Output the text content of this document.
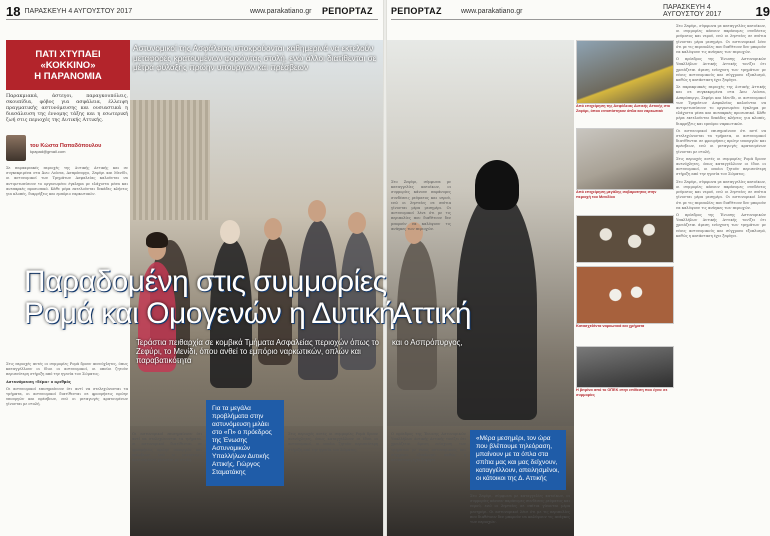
18 ΠΑΡΑΣΚΕΥΗ 4 ΑΥΓΟΥΣΤΟΥ 2017	www.parakatiano.gr ΡΕΠΟΡΤΑΖ
ΠΑΤΙ ΧΤΥΠΑΕΙ
«ΚΟΚΚΙΝΟ»
Η ΠΑΡΑΝΟΜΙΑ
Αστυνομικοί της Ασφάλειας υποκρούονται καθημερινά να εκτελούν μεταφορές κρατουμένων φορώντας στολή, ενώ άλλοι διατίθενται σε μέτρα φύλαξης πρώην υπουργών και πρέσβεων
Παρακμιακά, άστεγοι, παραγκουπόλεις, σκουπίδια, φόβος για ασφάλεια, έλλειψη πραγματικής αστυνόμευσης και ουσιαστικά η διασάλευση της έννομης τάξης και η εσωτερική ζωή στις περιοχές της Δυτικής Αττικής.
του Κώστα Παπαδόπουλου
kpapad@gmail.com

Σε παρακμιακές περιοχές της Δυτικής Αττικής και σε συγκεκριμένα στα Άνω Λιόσια, Ασπρόπυργο, Ζεφύρι και Μενίδι, οι αστυνομικοί των Τμημάτων Ασφαλείας καλούνται να αντιμετωπίσουν το οργανωμένο έγκλημα με ελάχιστα μέσα και ανεπαρκές προσωπικό. Κάθε μέρα εκτελούνται δεκάδες κλήσεις για κλοπές, διαρρήξεις και εμπόριο ναρκωτικών.

Στις περιοχές αυτές οι συμμορίες Ρομά δρουν ανενόχλητες, όπως καταγγέλλουν οι ίδιοι οι αστυνομικοί, οι οποίοι ζητούν περισσότερη στήριξη από την ηγεσία του Σώματος.

Αστυνόμευση «δέμα» ο αριθμός

Οι αστυνομικοί επισημαίνουν ότι αντί να στελεχώνονται τα τμήματα, οι αστυνομικοί διατίθενται σε φρουρήσεις πρώην υπουργών και πρέσβεων, ενώ οι μεταγωγές κρατουμένων γίνονται με στολή.

Οι αστυνομικοί επισημαίνουν ότι αντί να στελεχώνονται τα τμήματα, οι αστυνομικοί διατίθενται σε φρουρήσεις πρώην υπουργών και πρέσβεων, ενώ οι μεταγωγές κρατουμένων γίνονται με στολή.

Για τα μεγάλα προβλήματα στην αστυνόμευση μιλάει στο «Π» ο πρόεδρος της Ένωσης Αστυνομικών Υπαλλήλων Δυτικής Αττικής, Γιώργος Σταματάκης

Στις περιοχές αυτές οι συμμορίες Ρομά δρουν ανενόχλητες, όπως καταγγέλλουν οι ίδιοι οι αστυνομικοί, οι οποίοι ζητούν περισσότερη στήριξη από την ηγεσία του Σώματος.

ΡΕΠΟΡΤΑΖ	www.parakatiano.gr	ΠΑΡΑΣΚΕΥΗ 4 ΑΥΓΟΥΣΤΟΥ 2017	19

Στο Ζεφύρι, σύμφωνα με καταγγελίες κατοίκων, οι συμμορίες κάνουν παράνομες συνδέσεις ρεύματος και νερού, ενώ οι ληστείες σε σπίτια γίνονται μέρα μεσημέρι. Οι αστυνομικοί λένε ότι με τις περιπολίες που διαθέτουν δεν μπορούν να καλύψουν τις ανάγκες των περιοχών.

«Μέρα μεσημέρι, τον ώρα που βλέπουμε τηλεόραση, μπαίνουν με τα όπλα στα σπίτια μας και μας δείχνουν, καταγγέλλουν, απειλησμένοι, οι κάτοικοι της Δ. Αττικής

Ο πρόεδρος της Ένωσης Αστυνομικών Υπαλλήλων Δυτικής Αττικής τονίζει ότι χρειάζεται άμεση ενίσχυση των τμημάτων με νέους αστυνομικούς και σύγχρονο εξοπλισμό, καθώς η κατάσταση έχει ξεφύγει.

Στο Ζεφύρι, σύμφωνα με καταγγελίες κατοίκων, οι συμμορίες κάνουν παράνομες συνδέσεις ρεύματος και νερού, ενώ οι ληστείες σε σπίτια γίνονται μέρα μεσημέρι. Οι αστυνομικοί λένε ότι με τις περιπολίες που διαθέτουν δεν μπορούν να καλύψουν τις ανάγκες των περιοχών.

Από επιχείρηση της Ασφάλειας Δυτικής Αττικής στο Ζεφύρι, όπου εντοπίστηκαν όπλα και ναρκωτικά
Από επιχείρηση μεγάλης σοβαροτητας στην περιοχή του Μενιδίου
Κατασχεθέντα ναρκωτικά και χρήματα
Η βιτρίνα από το ΟΠΕΚ στην επίθεση που έγινε σε συμμορίες

Στο Ζεφύρι, σύμφωνα με καταγγελίες κατοίκων, οι συμμορίες κάνουν παράνομες συνδέσεις ρεύματος και νερού, ενώ οι ληστείες σε σπίτια γίνονται μέρα μεσημέρι. Οι αστυνομικοί λένε ότι με τις περιπολίες που διαθέτουν δεν μπορούν να καλύψουν τις ανάγκες των περιοχών.

Ο πρόεδρος της Ένωσης Αστυνομικών Υπαλλήλων Δυτικής Αττικής τονίζει ότι χρειάζεται άμεση ενίσχυση των τμημάτων με νέους αστυνομικούς και σύγχρονο εξοπλισμό, καθώς η κατάσταση έχει ξεφύγει.

Σε παρακμιακές περιοχές της Δυτικής Αττικής και σε συγκεκριμένα στα Άνω Λιόσια, Ασπρόπυργο, Ζεφύρι και Μενίδι, οι αστυνομικοί των Τμημάτων Ασφαλείας καλούνται να αντιμετωπίσουν το οργανωμένο έγκλημα με ελάχιστα μέσα και ανεπαρκές προσωπικό. Κάθε μέρα εκτελούνται δεκάδες κλήσεις για κλοπές, διαρρήξεις και εμπόριο ναρκωτικών.

Οι αστυνομικοί επισημαίνουν ότι αντί να στελεχώνονται τα τμήματα, οι αστυνομικοί διατίθενται σε φρουρήσεις πρώην υπουργών και πρέσβεων, ενώ οι μεταγωγές κρατουμένων γίνονται με στολή.

Στις περιοχές αυτές οι συμμορίες Ρομά δρουν ανενόχλητες, όπως καταγγέλλουν οι ίδιοι οι αστυνομικοί, οι οποίοι ζητούν περισσότερη στήριξη από την ηγεσία του Σώματος.

Στο Ζεφύρι, σύμφωνα με καταγγελίες κατοίκων, οι συμμορίες κάνουν παράνομες συνδέσεις ρεύματος και νερού, ενώ οι ληστείες σε σπίτια γίνονται μέρα μεσημέρι. Οι αστυνομικοί λένε ότι με τις περιπολίες που διαθέτουν δεν μπορούν να καλύψουν τις ανάγκες των περιοχών.

Ο πρόεδρος της Ένωσης Αστυνομικών Υπαλλήλων Δυτικής Αττικής τονίζει ότι χρειάζεται άμεση ενίσχυση των τμημάτων με νέους αστυνομικούς και σύγχρονο εξοπλισμό, καθώς η κατάσταση έχει ξεφύγει.

Παραδομένη στις συμμορίες
Ρομά και Ομογενών η Δυτική
Αττική
Τεράστια πειθαρχία σε κομβικά Τμήματα Ασφαλείας περιοχών όπως το Ζεφύρι, το Μενίδι, όπου ανθεί το εμπόριο ναρκωτικών, οπλών και παραβατικότητα
και ο Ασπρόπυργος,
